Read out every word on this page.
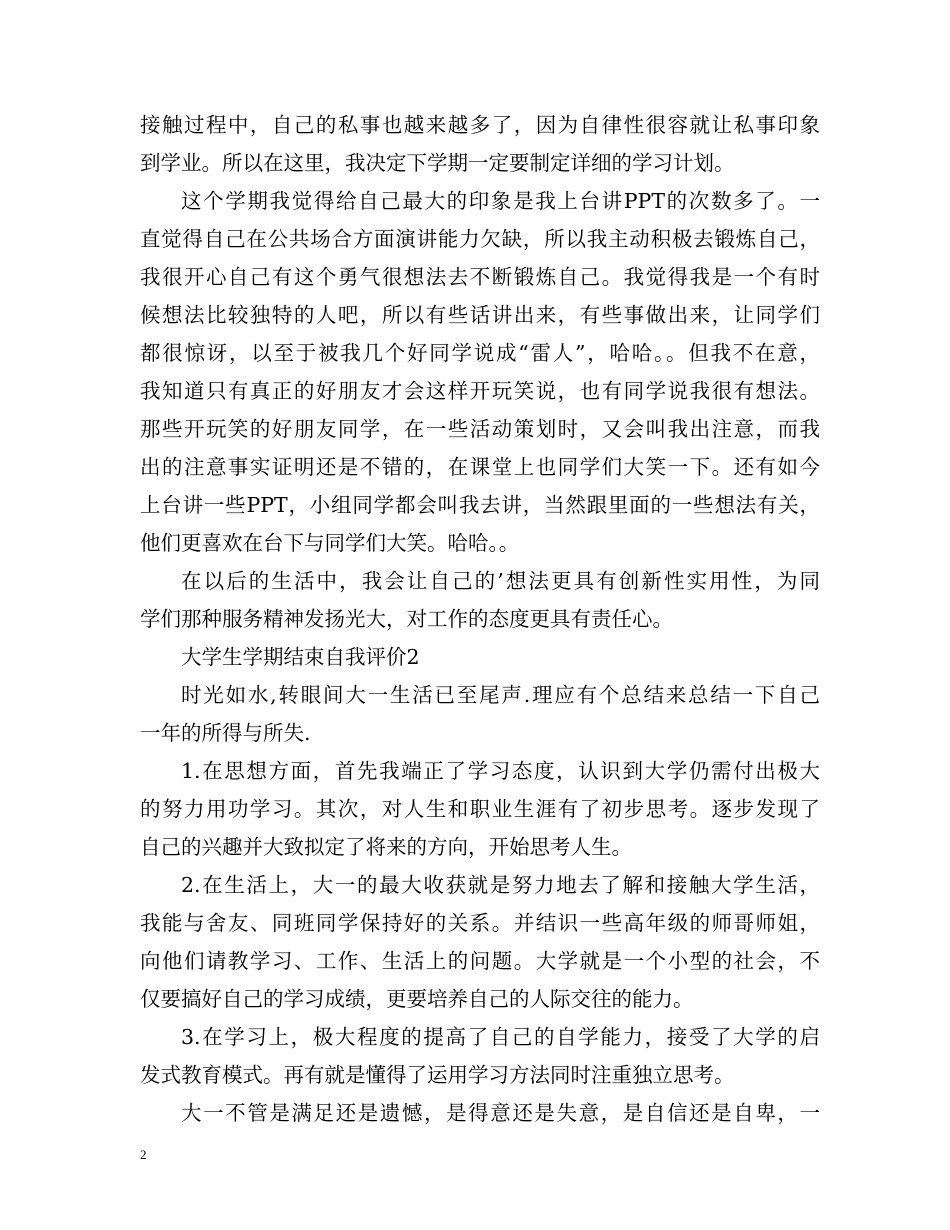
接触过程中，自己的私事也越来越多了，因为自律性很容就让私事印象
到学业。所以在这里，我决定下学期一定要制定详细的学习计划。
这个学期我觉得给自己最大的印象是我上台讲PPT的次数多了。一
直觉得自己在公共场合方面演讲能力欠缺，所以我主动积极去锻炼自己，
我很开心自己有这个勇气很想法去不断锻炼自己。我觉得我是一个有时
候想法比较独特的人吧，所以有些话讲出来，有些事做出来，让同学们
都很惊讶，以至于被我几个好同学说成“雷人”，哈哈。。但我不在意，
我知道只有真正的好朋友才会这样开玩笑说，也有同学说我很有想法。
那些开玩笑的好朋友同学，在一些活动策划时，又会叫我出注意，而我
出的注意事实证明还是不错的，在课堂上也同学们大笑一下。还有如今
上台讲一些PPT，小组同学都会叫我去讲，当然跟里面的一些想法有关，
他们更喜欢在台下与同学们大笑。哈哈。。
在以后的生活中，我会让自己的’想法更具有创新性实用性，为同
学们那种服务精神发扬光大，对工作的态度更具有责任心。
大学生学期结束自我评价2
时光如水,转眼间大一生活已至尾声.理应有个总结来总结一下自己
一年的所得与所失.
1.在思想方面，首先我端正了学习态度，认识到大学仍需付出极大
的努力用功学习。其次，对人生和职业生涯有了初步思考。逐步发现了
自己的兴趣并大致拟定了将来的方向，开始思考人生。
2.在生活上，大一的最大收获就是努力地去了解和接触大学生活，
我能与舍友、同班同学保持好的关系。并结识一些高年级的师哥师姐，
向他们请教学习、工作、生活上的问题。大学就是一个小型的社会，不
仅要搞好自己的学习成绩，更要培养自己的人际交往的能力。
3.在学习上，极大程度的提高了自己的自学能力，接受了大学的启
发式教育模式。再有就是懂得了运用学习方法同时注重独立思考。
大一不管是满足还是遗憾，是得意还是失意，是自信还是自卑，一
2
